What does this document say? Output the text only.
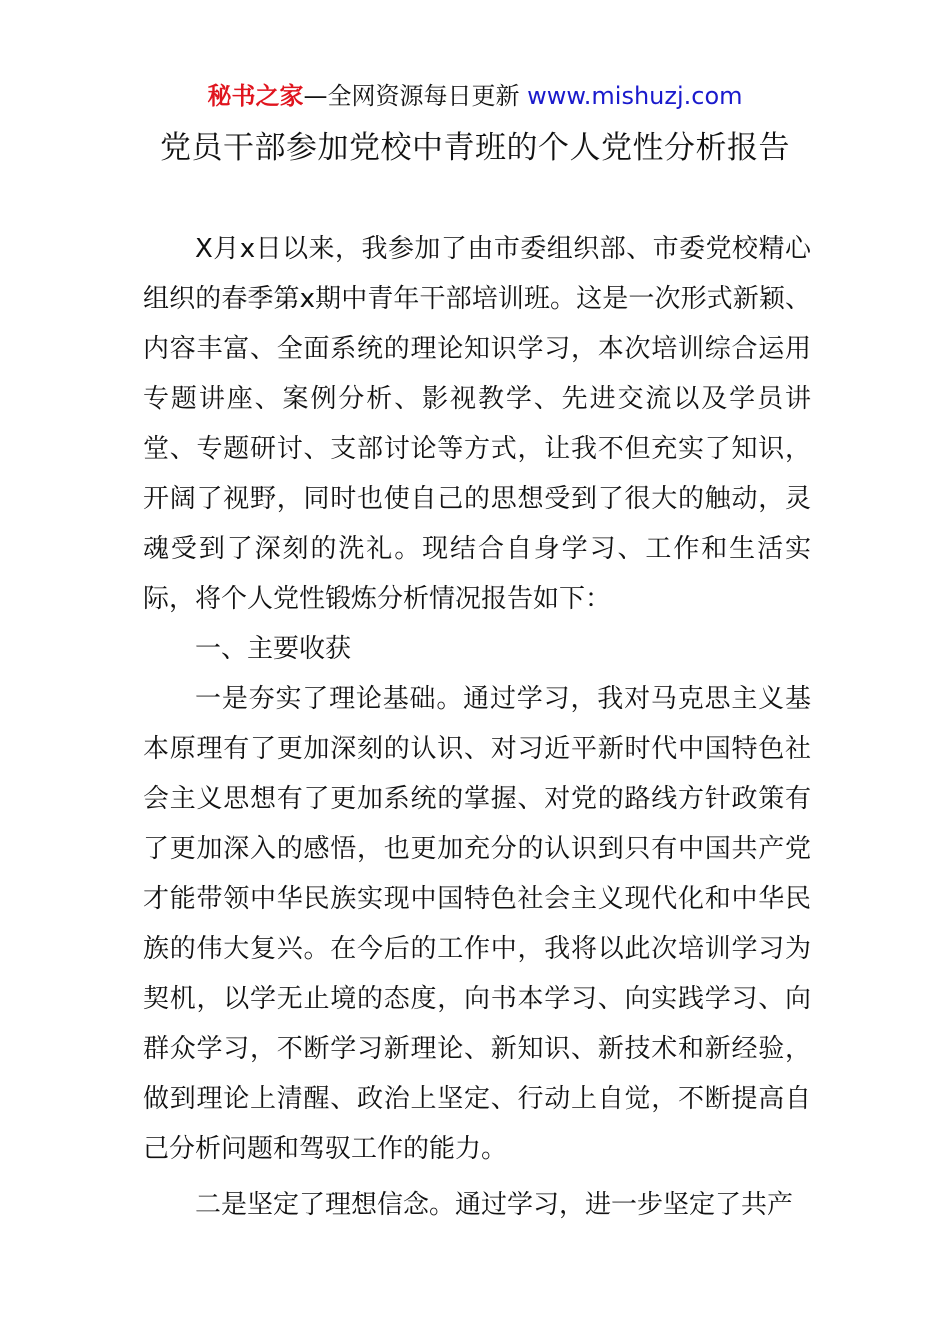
秘书之家—全网资源每日更新 www.mishuzj.com
党员干部参加党校中青班的个人党性分析报告

X月x日以来，我参加了由市委组织部、市委党校精心组织的春季第x期中青年干部培训班。这是一次形式新颖、内容丰富、全面系统的理论知识学习，本次培训综合运用专题讲座、案例分析、影视教学、先进交流以及学员讲堂、专题研讨、支部讨论等方式，让我不但充实了知识，开阔了视野，同时也使自己的思想受到了很大的触动，灵魂受到了深刻的洗礼。现结合自身学习、工作和生活实际，将个人党性锻炼分析情况报告如下：

一、主要收获

一是夯实了理论基础。通过学习，我对马克思主义基本原理有了更加深刻的认识、对习近平新时代中国特色社会主义思想有了更加系统的掌握、对党的路线方针政策有了更加深入的感悟，也更加充分的认识到只有中国共产党才能带领中华民族实现中国特色社会主义现代化和中华民族的伟大复兴。在今后的工作中，我将以此次培训学习为契机，以学无止境的态度，向书本学习、向实践学习、向群众学习，不断学习新理论、新知识、新技术和新经验，做到理论上清醒、政治上坚定、行动上自觉，不断提高自己分析问题和驾驭工作的能力。

二是坚定了理想信念。通过学习，进一步坚定了共产
